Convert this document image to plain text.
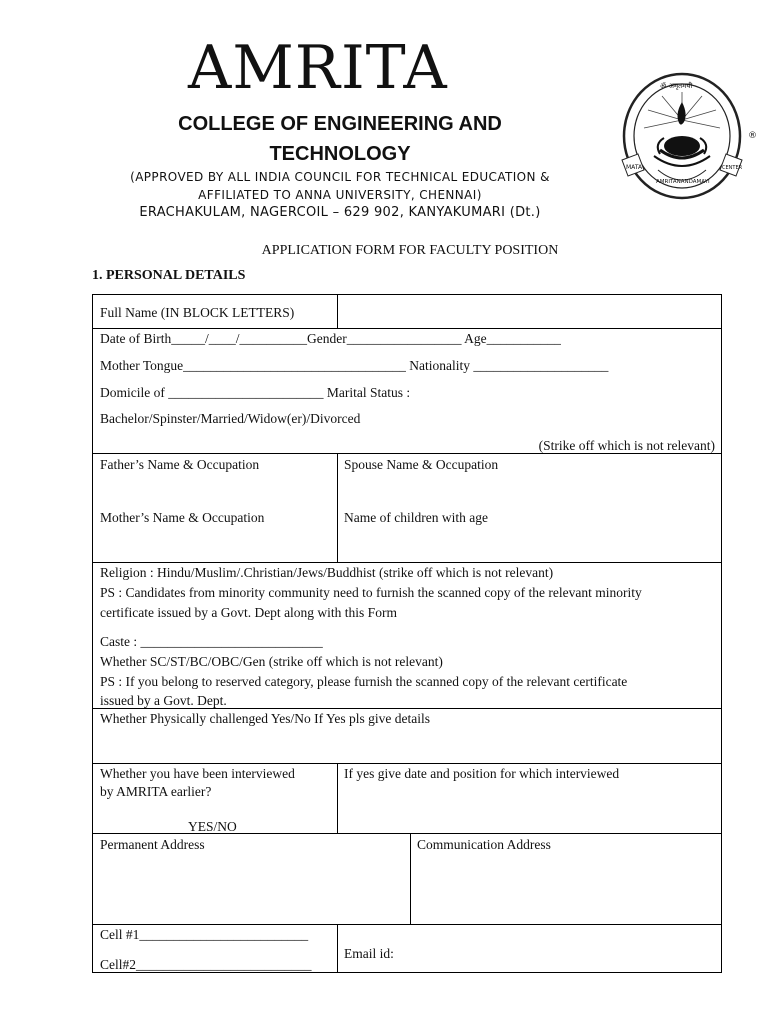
AMRITA
COLLEGE OF ENGINEERING AND
TECHNOLOGY
(APPROVED BY ALL INDIA COUNCIL FOR TECHNICAL EDUCATION &
AFFILIATED TO ANNA UNIVERSITY, CHENNAI)
ERACHAKULAM, NAGERCOIL – 629 902, KANYAKUMARI (Dt.)
APPLICATION FORM FOR FACULTY POSITION
1. PERSONAL DETAILS
MATA	CENTER
AMRITANANDAMAYI
ॐ अमृतमयी
®
Full Name (IN BLOCK LETTERS)
Date of Birth_____/____/__________Gender_________________ Age___________
Mother Tongue_________________________________ Nationality ____________________
Domicile of _______________________ Marital Status :
Bachelor/Spinster/Married/Widow(er)/Divorced
(Strike off which is not relevant)
Father’s Name & Occupation	Spouse Name & Occupation
Mother’s Name & Occupation	Name of children with age
Religion : Hindu/Muslim/.Christian/Jews/Buddhist (strike off which is not relevant)
PS : Candidates from minority community need to furnish the scanned copy of the relevant minority
certificate issued by a Govt. Dept along with this Form
Caste : ___________________________
Whether SC/ST/BC/OBC/Gen (strike off which is not relevant)
PS : If you belong to reserved category, please furnish the scanned copy of the relevant certificate
issued by a Govt. Dept.
Whether Physically challenged Yes/No If Yes pls give details
Whether you have been interviewed
by AMRITA earlier?
YES/NO
If yes give date and position for which interviewed
Permanent Address	Communication Address
Cell #1_________________________
Cell#2__________________________
Email id:
